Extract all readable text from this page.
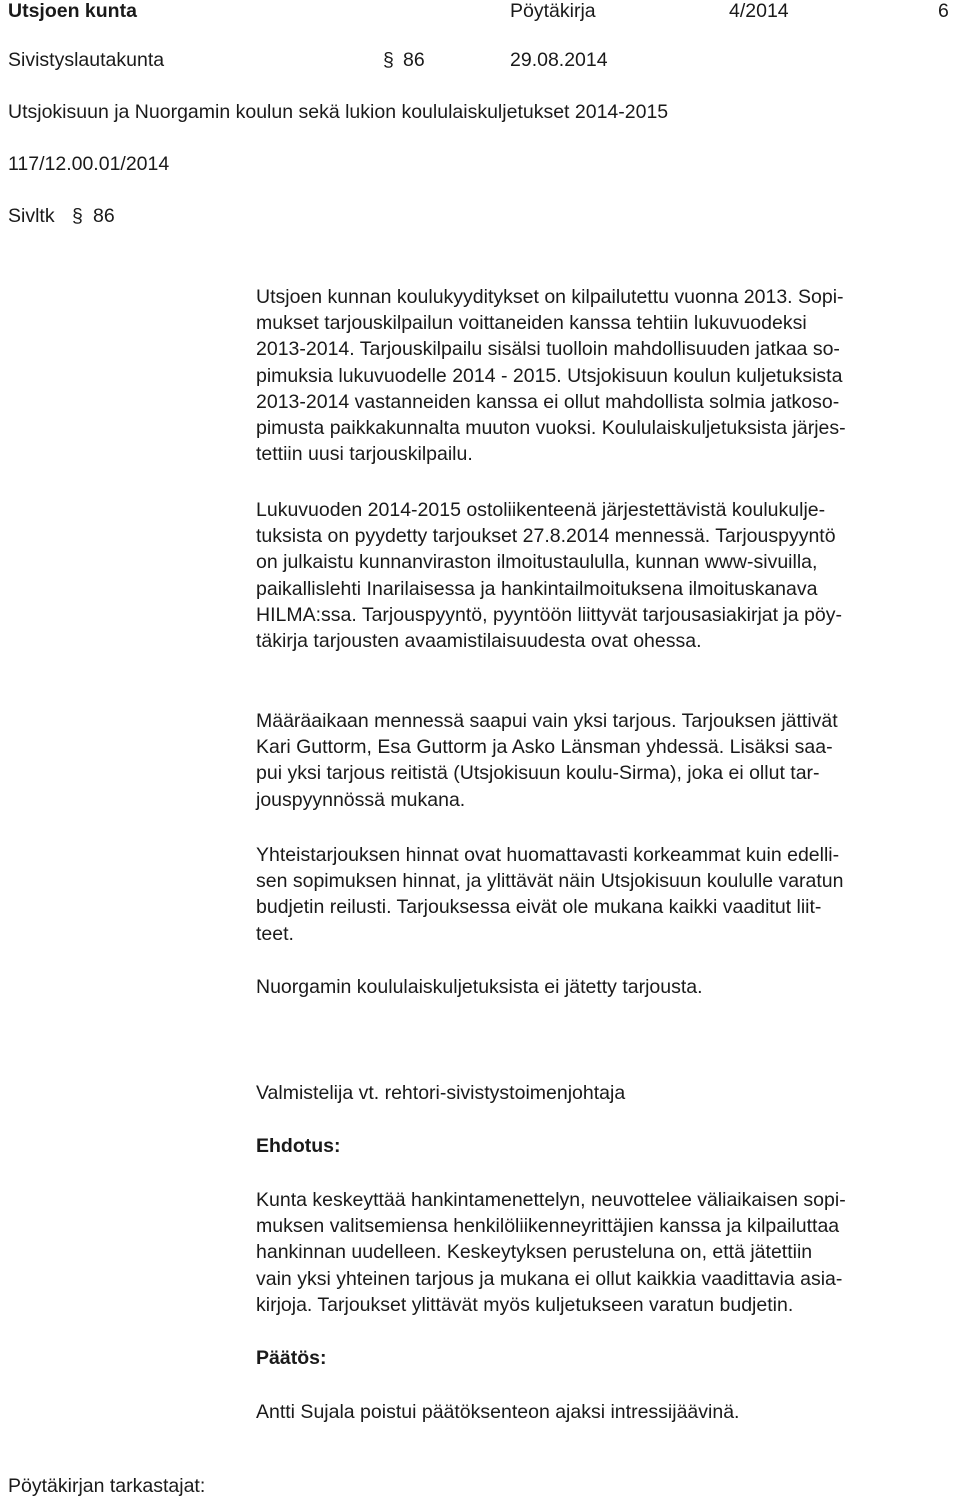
Utsjoen kunta	Pöytäkirja	4/2014	6
Sivistyslautakunta	§ 86	29.08.2014
Utsjokisuun ja Nuorgamin koulun sekä lukion koululaiskuljetukset 2014-2015
117/12.00.01/2014
Sivltk § 86
Utsjoen kunnan koulukyyditykset on kilpailutettu vuonna 2013. Sopi-
mukset tarjouskilpailun voittaneiden kanssa tehtiin lukuvuodeksi
2013-2014. Tarjouskilpailu sisälsi tuolloin mahdollisuuden jatkaa so-
pimuksia lukuvuodelle 2014 - 2015. Utsjokisuun koulun kuljetuksista
2013-2014 vastanneiden kanssa ei ollut mahdollista solmia jatkoso-
pimusta paikkakunnalta muuton vuoksi. Koululaiskuljetuksista järjes-
tettiin uusi tarjouskilpailu.
Lukuvuoden 2014-2015 ostoliikenteenä järjestettävistä koulukulje-
tuksista on pyydetty tarjoukset 27.8.2014 mennessä. Tarjouspyyntö
on julkaistu kunnanviraston ilmoitustaululla, kunnan www-sivuilla,
paikallislehti Inarilaisessa ja hankintailmoituksena ilmoituskanava
HILMA:ssa. Tarjouspyyntö, pyyntöön liittyvät tarjousasiakirjat ja pöy-
täkirja tarjousten avaamistilaisuudesta ovat ohessa.
Määräaikaan mennessä saapui vain yksi tarjous. Tarjouksen jättivät
Kari Guttorm, Esa Guttorm ja Asko Länsman yhdessä. Lisäksi saa-
pui yksi tarjous reitistä (Utsjokisuun koulu-Sirma), joka ei ollut tar-
jouspyynnössä mukana.
Yhteistarjouksen hinnat ovat huomattavasti korkeammat kuin edelli-
sen sopimuksen hinnat, ja ylittävät näin Utsjokisuun koululle varatun
budjetin reilusti. Tarjouksessa eivät ole mukana kaikki vaaditut liit-
teet.
Nuorgamin koululaiskuljetuksista ei jätetty tarjousta.
Valmistelija vt. rehtori-sivistystoimenjohtaja
Ehdotus:
Kunta keskeyttää hankintamenettelyn, neuvottelee väliaikaisen sopi-
muksen valitsemiensa henkilöliikenneyrittäjien kanssa ja kilpailuttaa
hankinnan uudelleen. Keskeytyksen perusteluna on, että jätettiin
vain yksi yhteinen tarjous ja mukana ei ollut kaikkia vaadittavia asia-
kirjoja. Tarjoukset ylittävät myös kuljetukseen varatun budjetin.
Päätös:
Antti Sujala poistui päätöksenteon ajaksi intressijäävinä.
Pöytäkirjan tarkastajat:
